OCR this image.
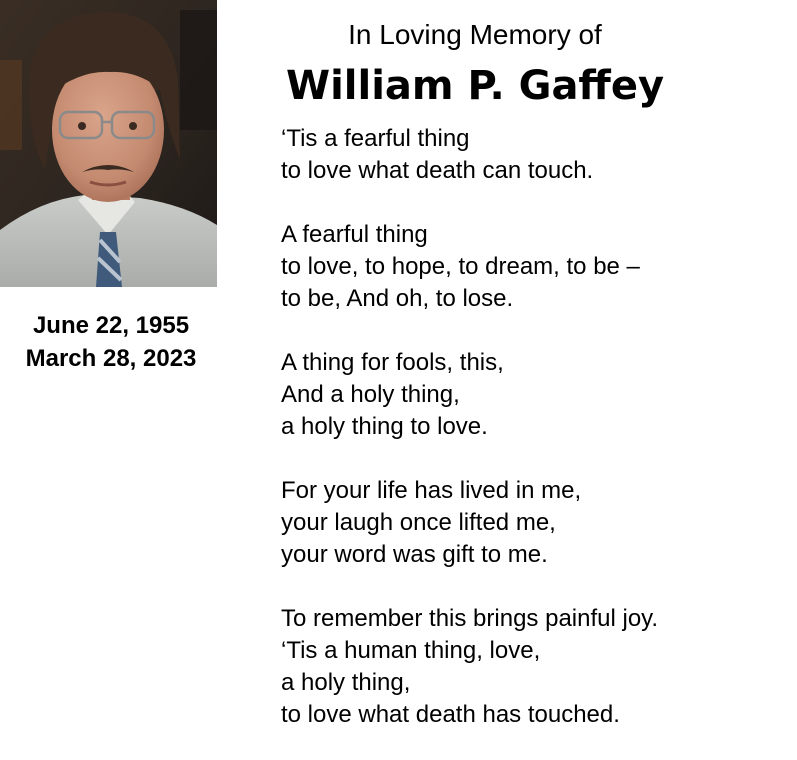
June 22, 1955
March 28, 2023
In Loving Memory of
William P. Gaffey
‘Tis a fearful thing
to love what death can touch.
A fearful thing
to love, to hope, to dream, to be –
to be, And oh, to lose.
A thing for fools, this,
And a holy thing,
a holy thing to love.
For your life has lived in me,
your laugh once lifted me,
your word was gift to me.
To remember this brings painful joy.
‘Tis a human thing, love,
a holy thing,
to love what death has touched.
